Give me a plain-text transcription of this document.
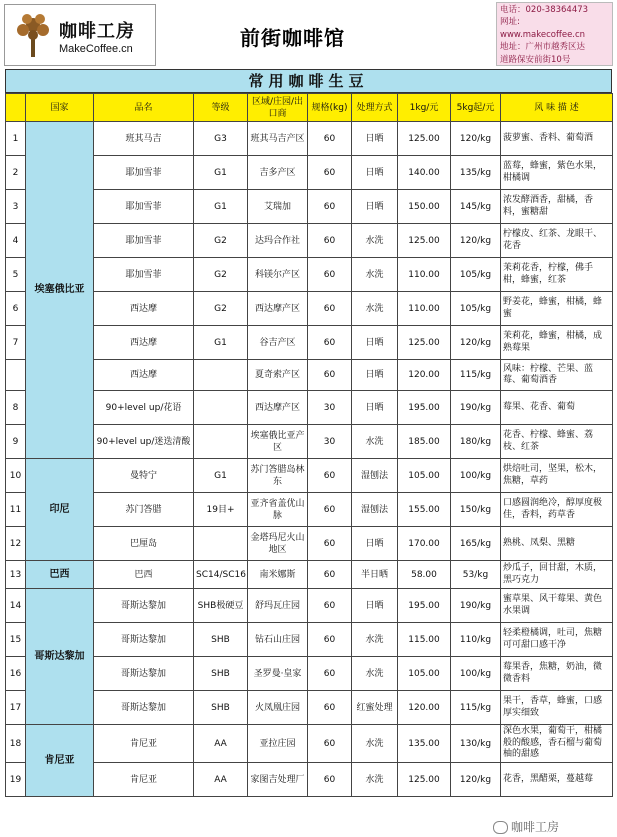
咖啡工房
MakeCoffee.cn	前街咖啡馆
电话：020-38364473
网址:
www.makecoffee.cn
地址：广州市越秀区达
道路保安前街10号
常用咖啡生豆
	国家	品名	等级	区域/庄园/出口商	规格(kg)	处理方式	1kg/元	5kg起/元	风 味 描 述
1	埃塞俄比亚	班其马吉	G3	班其马吉产区	60	日晒	125.00	120/kg	菠萝蜜、香料、葡萄酒
2		耶加雪菲	G1	吉多产区	60	日晒	140.00	135/kg	蓝莓，蜂蜜，紫色水果，柑橘调
3		耶加雪菲	G1	艾瑞加	60	日晒	150.00	145/kg	浓发酵酒香，甜橘，香料，蜜糖甜
4		耶加雪菲	G2	达玛合作社	60	水洗	125.00	120/kg	柠檬皮、红茶、龙眼干、花香
5		耶加雪菲	G2	科镁尔产区	60	水洗	110.00	105/kg	茉莉花香，柠檬，佛手柑，蜂蜜，红茶
6		西达摩	G2	西达摩产区	60	水洗	110.00	105/kg	野姜花，蜂蜜，柑橘，蜂蜜
7		西达摩	G1	谷吉产区	60	日晒	125.00	120/kg	茉莉花，蜂蜜，柑橘，成熟莓果
		西达摩		夏奇索产区	60	日晒	120.00	115/kg	风味：柠檬、芒果、蓝莓、葡萄酒香
8		90+level up/花语		西达摩产区	30	日晒	195.00	190/kg	莓果、花香、葡萄
9		90+level up/迷迭清酸		埃塞俄比亚产区	30	水洗	185.00	180/kg	花香、柠檬、蜂蜜、荔枝、红茶
10	印尼	曼特宁	G1	苏门答腊岛林东	60	湿刨法	105.00	100/kg	烘焙吐司，坚果，松木，焦糖，草药
11		苏门答腊	19目+	亚齐省盖优山脉	60	湿刨法	155.00	150/kg	口感圆润绝冷，醇厚度极佳，香料，药草香
12		巴厘岛		金塔玛尼火山地区	60	日晒	170.00	165/kg	熟桃、凤梨、黑糖
13	巴西	巴西	SC14/SC16	南米娜斯	60	半日晒	58.00	53/kg	炒瓜子，回甘甜，木质，黑巧克力
14	哥斯达黎加	哥斯达黎加	SHB极硬豆	舒玛瓦庄园	60	日晒	195.00	190/kg	蜜草果、风干莓果、黄色水果调
15		哥斯达黎加	SHB	钻石山庄园	60	水洗	115.00	110/kg	轻柔橙橘调，吐司，焦糖可可甜口感干净
16		哥斯达黎加	SHB	圣罗曼·皇家	60	水洗	105.00	100/kg	莓果香，焦糖，奶油，微微香料
17		哥斯达黎加	SHB	火凤凰庄园	60	红蜜处理	120.00	115/kg	果干，香草，蜂蜜，口感厚实细致
18	肯尼亚	肯尼亚	AA	亚拉庄园	60	水洗	135.00	130/kg	深色水果，葡萄干，柑橘般的酸感，香石榴与葡萄柚的甜感
19		肯尼亚	AA	家图吉处理厂	60	水洗	125.00	120/kg	花香，黑醋栗，蔓越莓
咖啡工房
